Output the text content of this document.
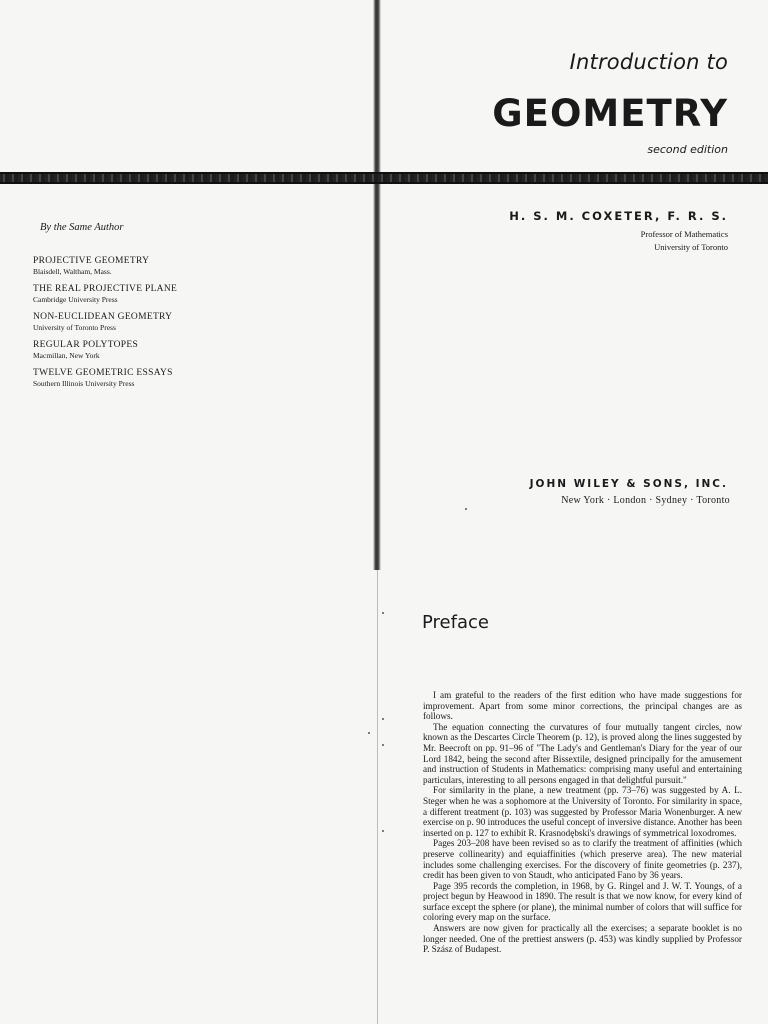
Introduction to
GEOMETRY
second edition
H. S. M. COXETER, F. R. S.
Professor of Mathematics
University of Toronto
JOHN WILEY & SONS, INC.
New York · London · Sydney · Toronto
By the Same Author
PROJECTIVE GEOMETRY
Blaisdell, Waltham, Mass.
THE REAL PROJECTIVE PLANE
Cambridge University Press
NON-EUCLIDEAN GEOMETRY
University of Toronto Press
REGULAR POLYTOPES
Macmillan, New York
TWELVE GEOMETRIC ESSAYS
Southern Illinois University Press
Preface

I am grateful to the readers of the first edition who have made suggestions for improvement. Apart from some minor corrections, the principal changes are as follows.

The equation connecting the curvatures of four mutually tangent circles, now known as the Descartes Circle Theorem (p. 12), is proved along the lines suggested by Mr. Beecroft on pp. 91–96 of "The Lady's and Gentleman's Diary for the year of our Lord 1842, being the second after Bissextile, designed principally for the amusement and instruction of Students in Mathematics: comprising many useful and entertaining particulars, interesting to all persons engaged in that delightful pursuit."

For similarity in the plane, a new treatment (pp. 73–76) was suggested by A. L. Steger when he was a sophomore at the University of Toronto. For similarity in space, a different treatment (p. 103) was suggested by Professor Maria Wonenburger. A new exercise on p. 90 introduces the useful concept of inversive distance. Another has been inserted on p. 127 to exhibit R. Krasnodębski's drawings of symmetrical loxodromes.

Pages 203–208 have been revised so as to clarify the treatment of affinities (which preserve collinearity) and equiaffinities (which preserve area). The new material includes some challenging exercises. For the discovery of finite geometries (p. 237), credit has been given to von Staudt, who anticipated Fano by 36 years.

Page 395 records the completion, in 1968, by G. Ringel and J. W. T. Youngs, of a project begun by Heawood in 1890. The result is that we now know, for every kind of surface except the sphere (or plane), the minimal number of colors that will suffice for coloring every map on the surface.

Answers are now given for practically all the exercises; a separate booklet is no longer needed. One of the prettiest answers (p. 453) was kindly supplied by Professor P. Szász of Budapest.
